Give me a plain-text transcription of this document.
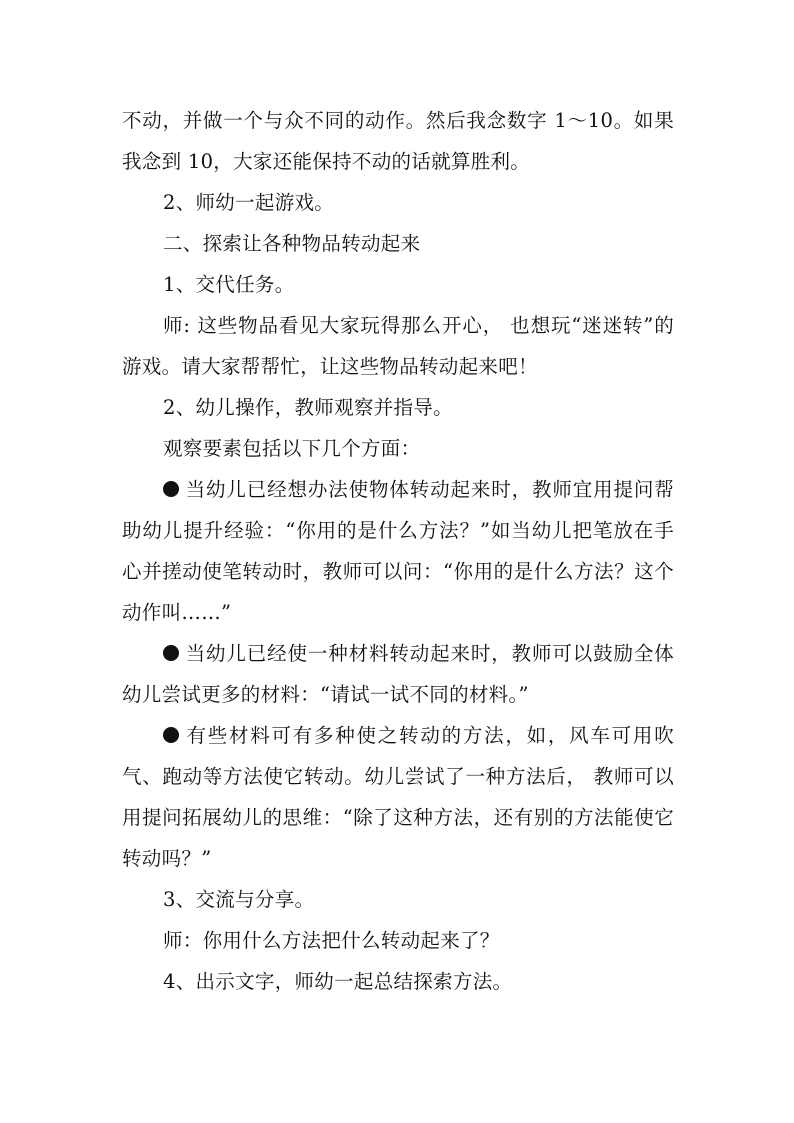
不动，并做一个与众不同的动作。然后我念数字 1～10。如果我念到 10，大家还能保持不动的话就算胜利。

2、师幼一起游戏。

二、探索让各种物品转动起来

1、交代任务。

师: 这些物品看见大家玩得那么开心， 也想玩“迷迷转”的游戏。请大家帮帮忙，让这些物品转动起来吧！

2、幼儿操作，教师观察并指导。

观察要素包括以下几个方面：

当幼儿已经想办法使物体转动起来时，教师宜用提问帮助幼儿提升经验：“你用的是什么方法？”如当幼儿把笔放在手心并搓动使笔转动时，教师可以问：“你用的是什么方法？这个动作叫……”

当幼儿已经使一种材料转动起来时，教师可以鼓励全体幼儿尝试更多的材料：“请试一试不同的材料。”

有些材料可有多种使之转动的方法，如，风车可用吹气、跑动等方法使它转动。幼儿尝试了一种方法后， 教师可以用提问拓展幼儿的思维：“除了这种方法，还有别的方法能使它转动吗？”

3、交流与分享。

师：你用什么方法把什么转动起来了？

4、出示文字，师幼一起总结探索方法。
